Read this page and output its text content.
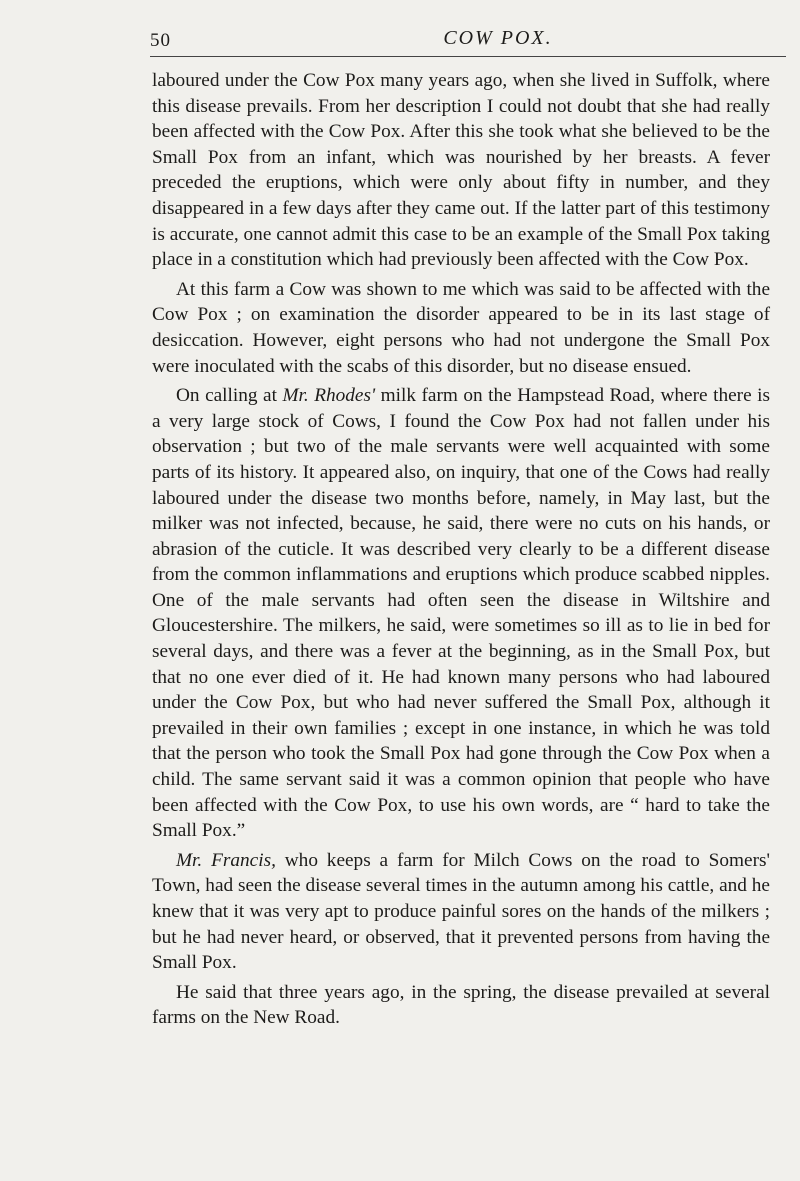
50	COW POX.

laboured under the Cow Pox many years ago, when she lived in Suffolk, where this disease prevails. From her description I could not doubt that she had really been affected with the Cow Pox. After this she took what she believed to be the Small Pox from an infant, which was nourished by her breasts. A fever preceded the eruptions, which were only about fifty in number, and they disappeared in a few days after they came out. If the latter part of this testimony is accurate, one cannot admit this case to be an example of the Small Pox taking place in a constitution which had previously been affected with the Cow Pox.

At this farm a Cow was shown to me which was said to be affected with the Cow Pox ; on examination the disorder appeared to be in its last stage of desiccation. However, eight persons who had not undergone the Small Pox were inoculated with the scabs of this disorder, but no disease ensued.

On calling at Mr. Rhodes' milk farm on the Hampstead Road, where there is a very large stock of Cows, I found the Cow Pox had not fallen under his observation ; but two of the male servants were well acquainted with some parts of its history. It appeared also, on inquiry, that one of the Cows had really laboured under the disease two months before, namely, in May last, but the milker was not infected, because, he said, there were no cuts on his hands, or abrasion of the cuticle. It was described very clearly to be a different disease from the common inflammations and eruptions which produce scabbed nipples. One of the male servants had often seen the disease in Wiltshire and Gloucestershire. The milkers, he said, were sometimes so ill as to lie in bed for several days, and there was a fever at the beginning, as in the Small Pox, but that no one ever died of it. He had known many persons who had laboured under the Cow Pox, but who had never suffered the Small Pox, although it prevailed in their own families ; except in one instance, in which he was told that the person who took the Small Pox had gone through the Cow Pox when a child. The same servant said it was a common opinion that people who have been affected with the Cow Pox, to use his own words, are “ hard to take the Small Pox.”

Mr. Francis, who keeps a farm for Milch Cows on the road to Somers' Town, had seen the disease several times in the autumn among his cattle, and he knew that it was very apt to produce painful sores on the hands of the milkers ; but he had never heard, or observed, that it prevented persons from having the Small Pox.

He said that three years ago, in the spring, the disease prevailed at several farms on the New Road.
